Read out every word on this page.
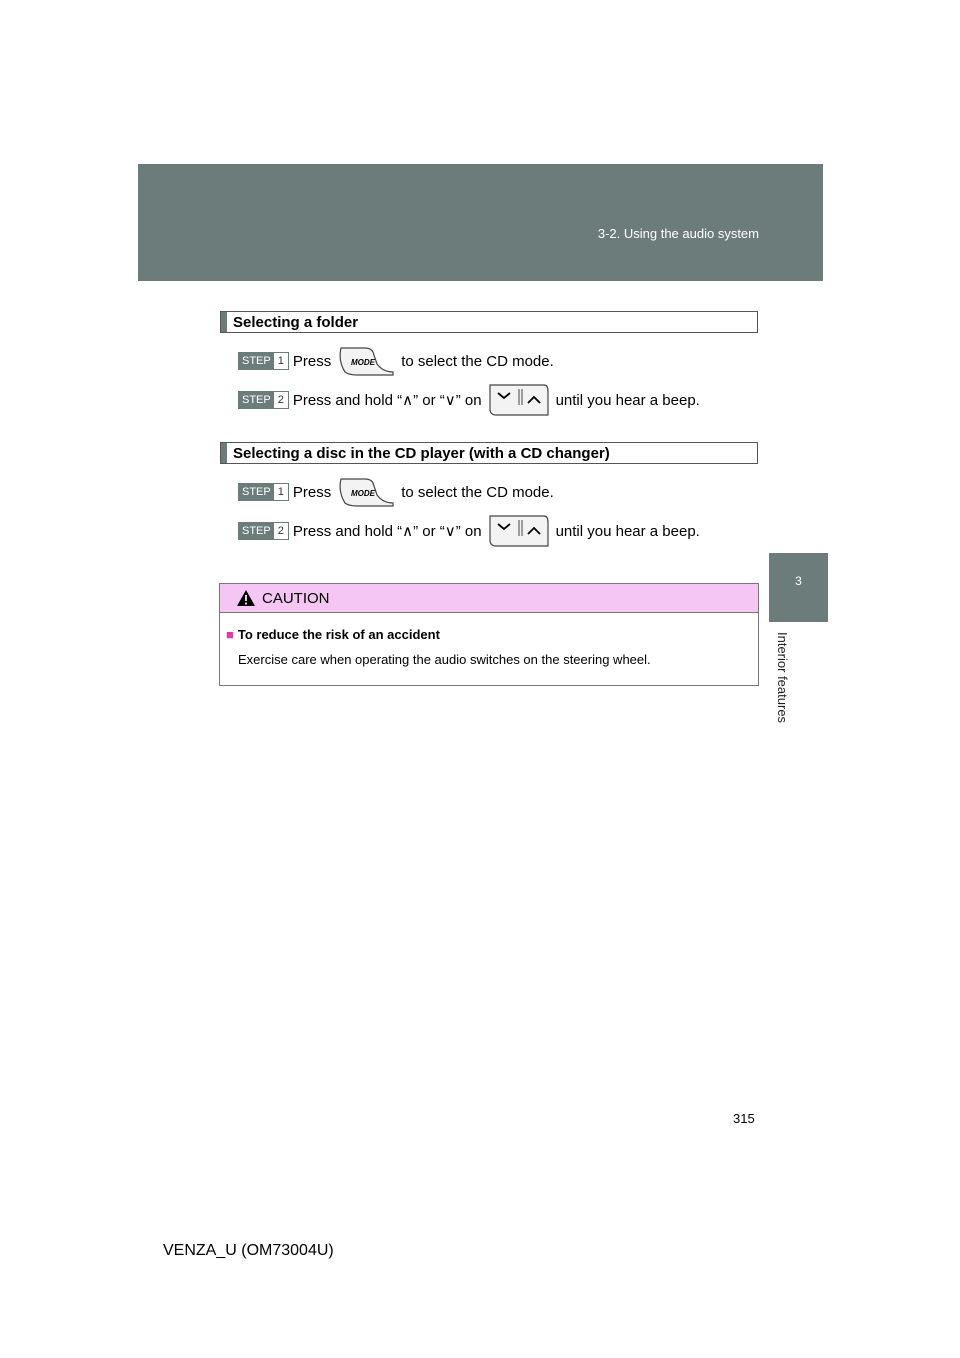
3-2. Using the audio system
3
Interior features
Selecting a folder
STEP 1 Press	MODE to select the CD mode.
STEP 2 Press and hold “∧” or “∨” on	until you hear a beep.
Selecting a disc in the CD player (with a CD changer)
STEP 1 Press	MODE to select the CD mode.
STEP 2 Press and hold “∧” or “∨” on	until you hear a beep.
CAUTION
■ To reduce the risk of an accident
Exercise care when operating the audio switches on the steering wheel.
315
VENZA_U (OM73004U)
